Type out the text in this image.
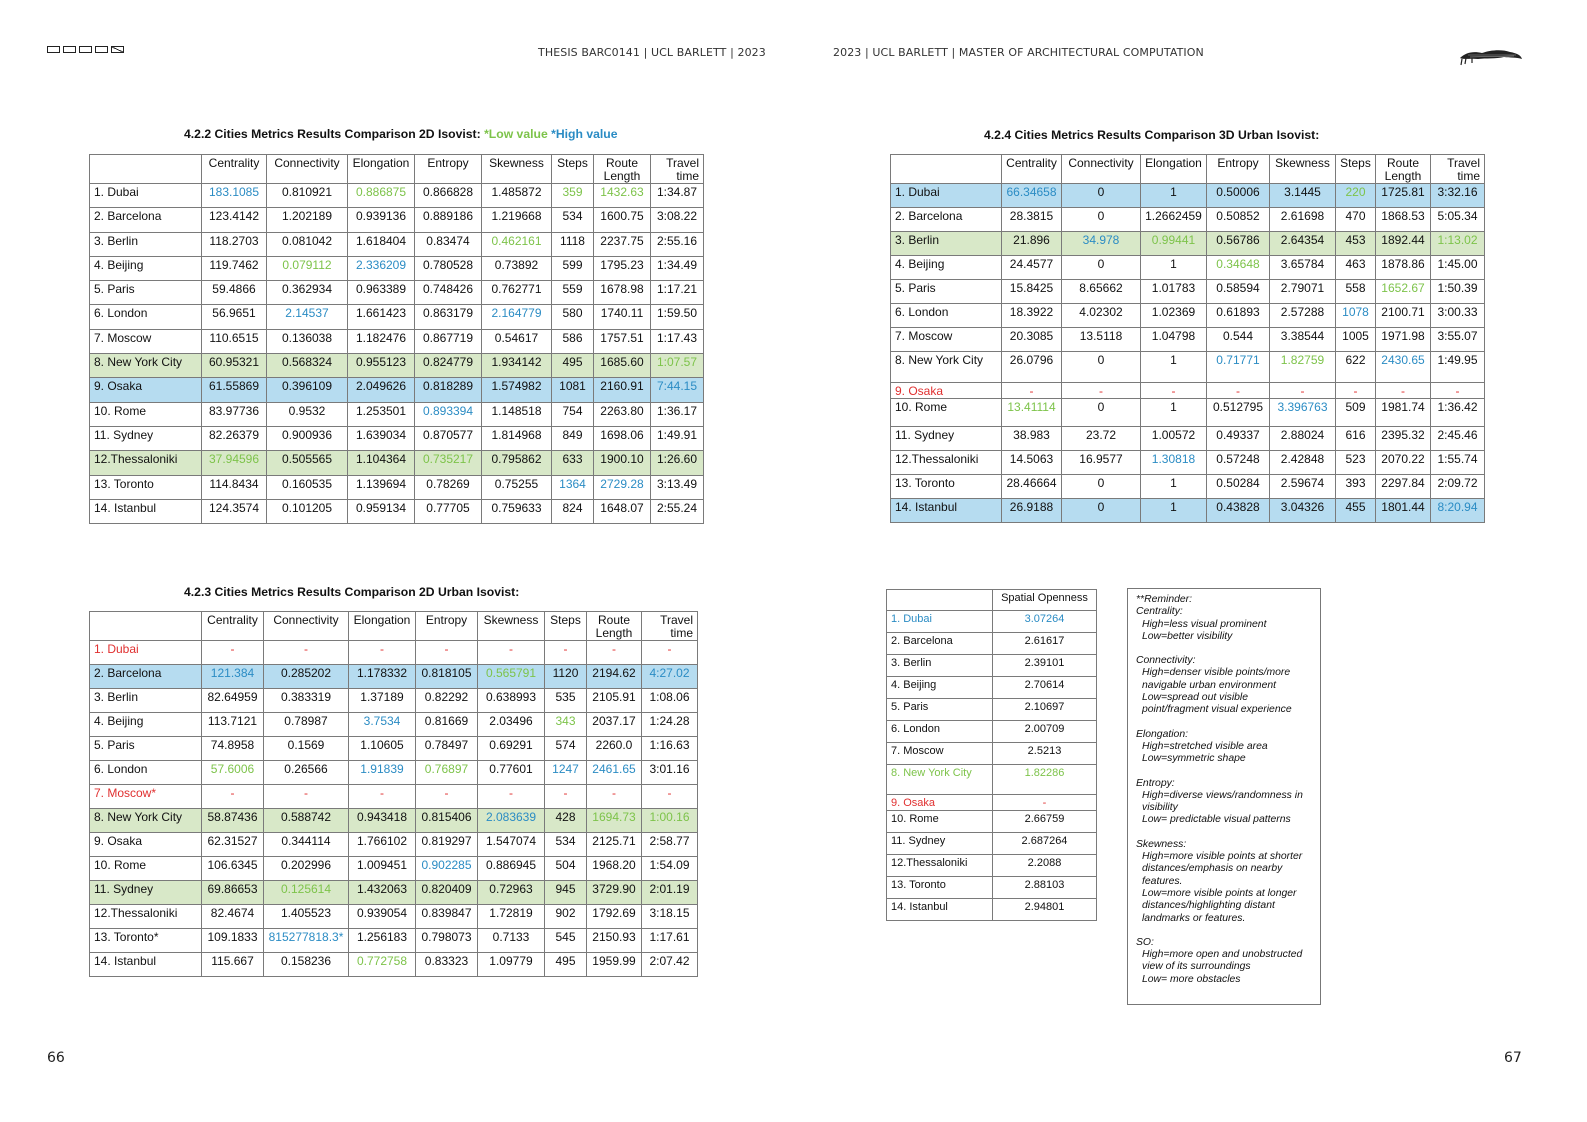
THESIS BARC0141 | UCL BARLETT | 2023	2023 | UCL BARLETT | MASTER OF ARCHITECTURAL COMPUTATION
4.2.2 Cities Metrics Results Comparison 2D Isovist: *Low value *High value
4.2.3 Cities Metrics Results Comparison 2D Urban Isovist:
4.2.4 Cities Metrics Results Comparison 3D Urban Isovist:
	Centrality	Connectivity	Elongation	Entropy	Skewness	Steps	Route Length	Travel time
1. Dubai	183.1085	0.810921	0.886875	0.866828	1.485872	359	1432.63	1:34.87
2. Barcelona	123.4142	1.202189	0.939136	0.889186	1.219668	534	1600.75	3:08.22
3. Berlin	118.2703	0.081042	1.618404	0.83474	0.462161	1118	2237.75	2:55.16
4. Beijing	119.7462	0.079112	2.336209	0.780528	0.73892	599	1795.23	1:34.49
5. Paris	59.4866	0.362934	0.963389	0.748426	0.762771	559	1678.98	1:17.21
6. London	56.9651	2.14537	1.661423	0.863179	2.164779	580	1740.11	1:59.50
7. Moscow	110.6515	0.136038	1.182476	0.867719	0.54617	586	1757.51	1:17.43
8. New York City	60.95321	0.568324	0.955123	0.824779	1.934142	495	1685.60	1:07.57
9. Osaka	61.55869	0.396109	2.049626	0.818289	1.574982	1081	2160.91	7:44.15
10. Rome	83.97736	0.9532	1.253501	0.893394	1.148518	754	2263.80	1:36.17
11. Sydney	82.26379	0.900936	1.639034	0.870577	1.814968	849	1698.06	1:49.91
12.Thessaloniki	37.94596	0.505565	1.104364	0.735217	0.795862	633	1900.10	1:26.60
13. Toronto	114.8434	0.160535	1.139694	0.78269	0.75255	1364	2729.28	3:13.49
14. Istanbul	124.3574	0.101205	0.959134	0.77705	0.759633	824	1648.07	2:55.24
	Centrality	Connectivity	Elongation	Entropy	Skewness	Steps	Route Length	Travel time
1. Dubai	-	-	-	-	-	-	-	-
2. Barcelona	121.384	0.285202	1.178332	0.818105	0.565791	1120	2194.62	4:27.02
3. Berlin	82.64959	0.383319	1.37189	0.82292	0.638993	535	2105.91	1:08.06
4. Beijing	113.7121	0.78987	3.7534	0.81669	2.03496	343	2037.17	1:24.28
5. Paris	74.8958	0.1569	1.10605	0.78497	0.69291	574	2260.0	1:16.63
6. London	57.6006	0.26566	1.91839	0.76897	0.77601	1247	2461.65	3:01.16
7. Moscow*	-	-	-	-	-	-	-	-
8. New York City	58.87436	0.588742	0.943418	0.815406	2.083639	428	1694.73	1:00.16
9. Osaka	62.31527	0.344114	1.766102	0.819297	1.547074	534	2125.71	2:58.77
10. Rome	106.6345	0.202996	1.009451	0.902285	0.886945	504	1968.20	1:54.09
11. Sydney	69.86653	0.125614	1.432063	0.820409	0.72963	945	3729.90	2:01.19
12.Thessaloniki	82.4674	1.405523	0.939054	0.839847	1.72819	902	1792.69	3:18.15
13. Toronto*	109.1833	815277818.3*	1.256183	0.798073	0.7133	545	2150.93	1:17.61
14. Istanbul	115.667	0.158236	0.772758	0.83323	1.09779	495	1959.99	2:07.42
	Centrality	Connectivity	Elongation	Entropy	Skewness	Steps	Route Length	Travel time
1. Dubai	66.34658	0	1	0.50006	3.1445	220	1725.81	3:32.16
2. Barcelona	28.3815	0	1.2662459	0.50852	2.61698	470	1868.53	5:05.34
3. Berlin	21.896	34.978	0.99441	0.56786	2.64354	453	1892.44	1:13.02
4. Beijing	24.4577	0	1	0.34648	3.65784	463	1878.86	1:45.00
5. Paris	15.8425	8.65662	1.01783	0.58594	2.79071	558	1652.67	1:50.39
6. London	18.3922	4.02302	1.02369	0.61893	2.57288	1078	2100.71	3:00.33
7. Moscow	20.3085	13.5118	1.04798	0.544	3.38544	1005	1971.98	3:55.07
8. New York City	26.0796	0	1	0.71771	1.82759	622	2430.65	1:49.95
9. Osaka	-	-	-	-	-	-	-	-
10. Rome	13.41114	0	1	0.512795	3.396763	509	1981.74	1:36.42
11. Sydney	38.983	23.72	1.00572	0.49337	2.88024	616	2395.32	2:45.46
12.Thessaloniki	14.5063	16.9577	1.30818	0.57248	2.42848	523	2070.22	1:55.74
13. Toronto	28.46664	0	1	0.50284	2.59674	393	2297.84	2:09.72
14. Istanbul	26.9188	0	1	0.43828	3.04326	455	1801.44	8:20.94
	Spatial Openness
1. Dubai	3.07264
2. Barcelona	2.61617
3. Berlin	2.39101
4. Beijing	2.70614
5. Paris	2.10697
6. London	2.00709
7. Moscow	2.5213
8. New York City	1.82286
9. Osaka	-
10. Rome	2.66759
11. Sydney	2.687264
12.Thessaloniki	2.2088
13. Toronto	2.88103
14. Istanbul	2.94801

**Reminder:

Centrality:

High=less visual prominent

Low=better visibility

Connectivity:

High=denser visible points/more navigable urban environment

Low=spread out visible point/fragment visual experience

Elongation:

High=stretched visible area

Low=symmetric shape

Entropy:

High=diverse views/randomness in visibility

Low= predictable visual patterns

Skewness:

High=more visible points at shorter distances/emphasis on nearby features.

Low=more visible points at longer distances/highlighting distant landmarks or features.

SO:

High=more open and unobstructed view of its surroundings

Low= more obstacles

66	67
